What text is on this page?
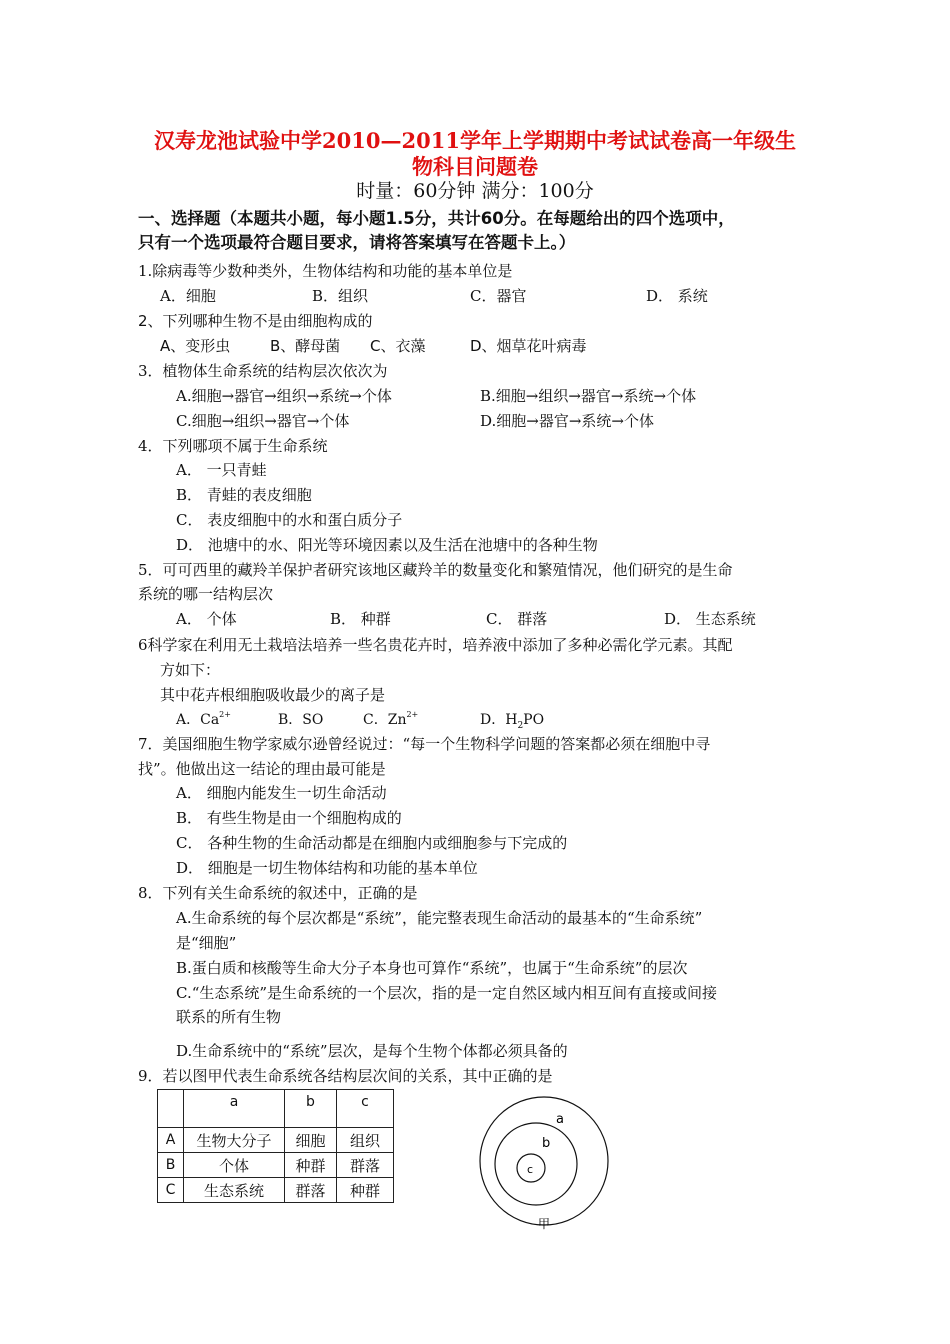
汉寿龙池试验中学2010—2011学年上学期期中考试试卷高一年级生
物科目问题卷
时量：60分钟 满分：100分
一、选择题（本题共小题，每小题1.5分，共计60分。在每题给出的四个选项中，
只有一个选项最符合题目要求，请将答案填写在答题卡上。）
1.除病毒等少数种类外，生物体结构和功能的基本单位是
A．细胞	B．组织	C．器官	D． 系统
2、下列哪种生物不是由细胞构成的
A、变形虫	B、酵母菌 C、衣藻	D、烟草花叶病毒
3．植物体生命系统的结构层次依次为
A.细胞→器官→组织→系统→个体	B.细胞→组织→器官→系统→个体
C.细胞→组织→器官→个体	D.细胞→器官→系统→个体
4．下列哪项不属于生命系统
A． 一只青蛙
B． 青蛙的表皮细胞
C． 表皮细胞中的水和蛋白质分子
D． 池塘中的水、阳光等环境因素以及生活在池塘中的各种生物
5．可可西里的藏羚羊保护者研究该地区藏羚羊的数量变化和繁殖情况，他们研究的是生命
系统的哪一结构层次
A． 个体	B． 种群	C． 群落	D． 生态系统
6科学家在利用无土栽培法培养一些名贵花卉时，培养液中添加了多种必需化学元素。其配
方如下：
其中花卉根细胞吸收最少的离子是
A．$Ca^{2+}$	B．SO	C．$Zn^{2+}$	D．$H_2PO$
7．美国细胞生物学家威尔逊曾经说过：“每一个生物科学问题的答案都必须在细胞中寻
找”。他做出这一结论的理由最可能是
A． 细胞内能发生一切生命活动
B． 有些生物是由一个细胞构成的
C． 各种生物的生命活动都是在细胞内或细胞参与下完成的
D． 细胞是一切生物体结构和功能的基本单位
8．下列有关生命系统的叙述中，正确的是
A.生命系统的每个层次都是“系统”，能完整表现生命活动的最基本的“生命系统”
是“细胞”
B.蛋白质和核酸等生命大分子本身也可算作“系统”，也属于“生命系统”的层次
C.“生态系统”是生命系统的一个层次，指的是一定自然区域内相互间有直接或间接
联系的所有生物
D.生命系统中的“系统”层次，是每个生物个体都必须具备的
9．若以图甲代表生命系统各结构层次间的关系，其中正确的是
	a	b	c
A	生物大分子	细胞	组织
B	个体	种群	群落
C	生态系统	群落	种群
a
b
c
甲
